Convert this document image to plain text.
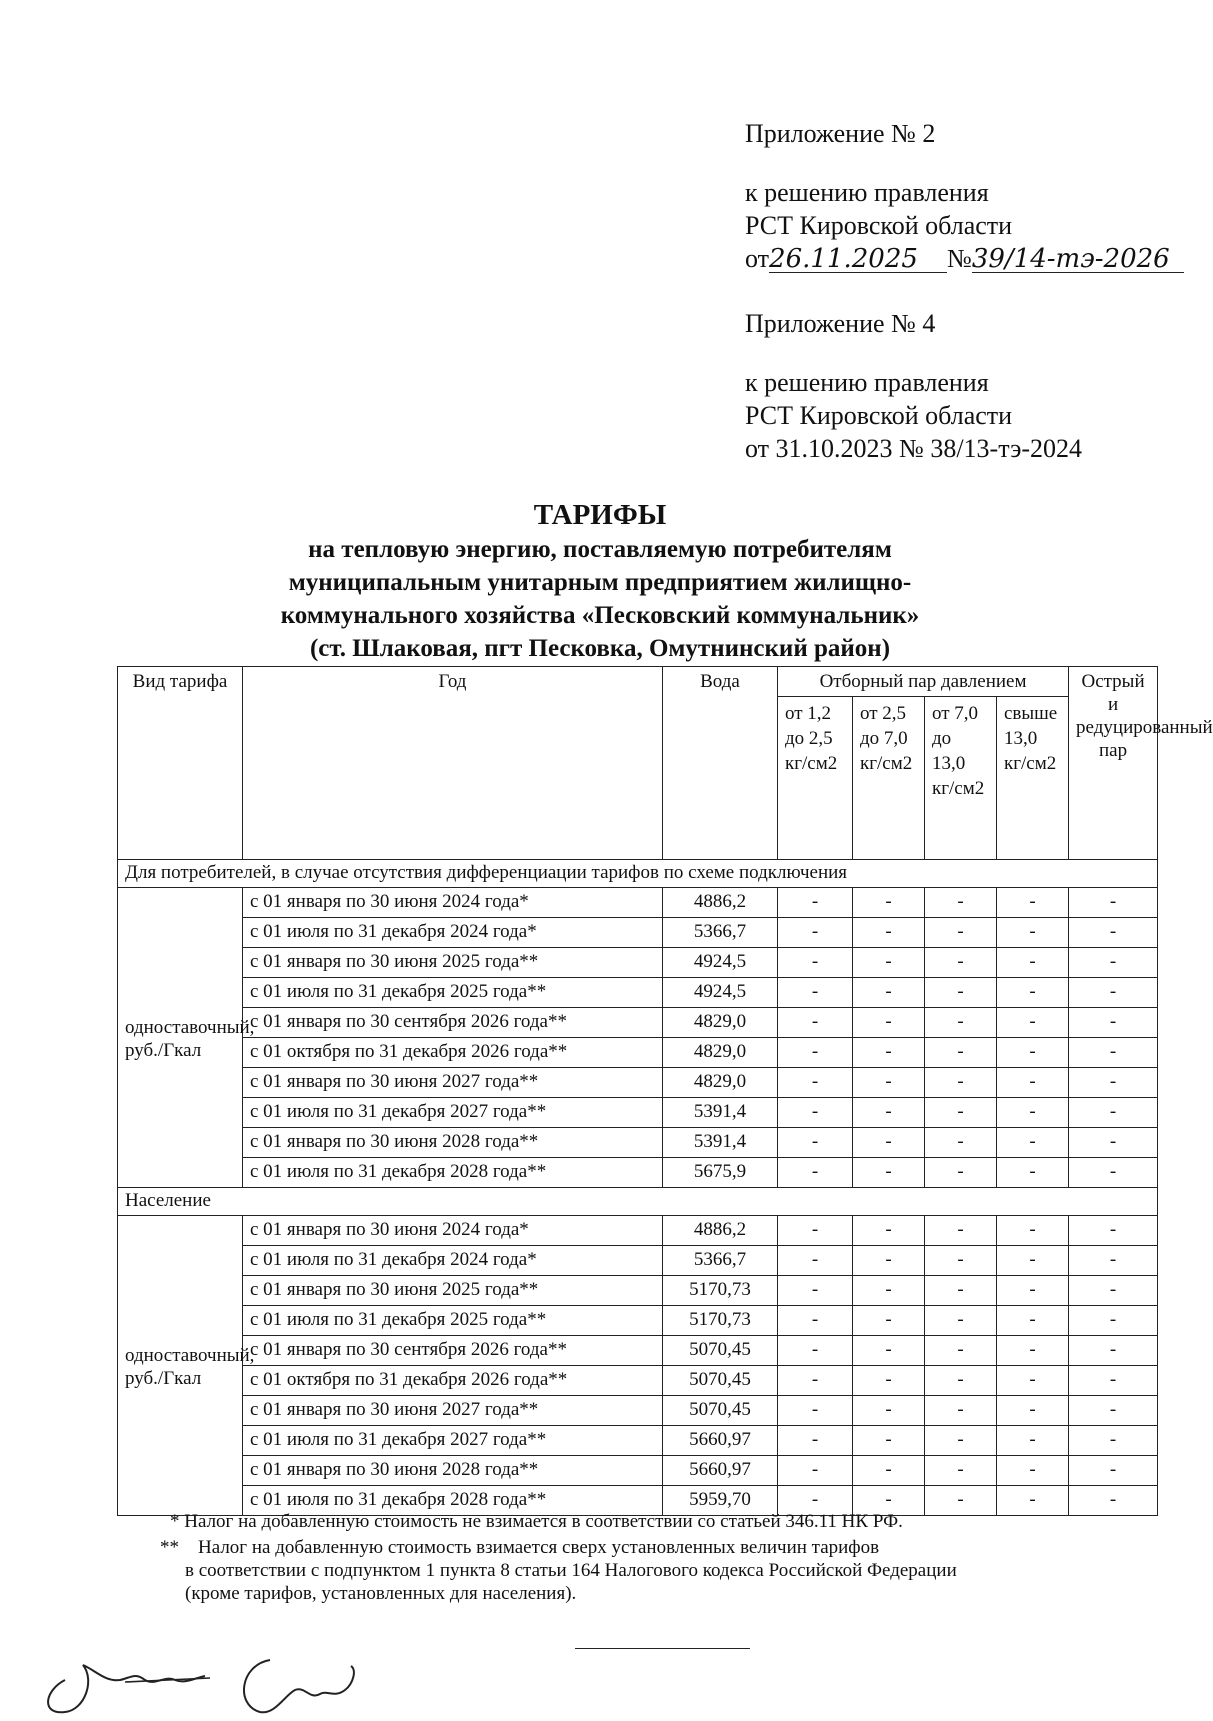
Приложение № 2
к решению правления
РСТ Кировской области
от26.11.2025 №39/14-тэ-2026
Приложение № 4
к решению правления
РСТ Кировской области
от 31.10.2023 № 38/13-тэ-2024
ТАРИФЫ
на тепловую энергию, поставляемую потребителям
муниципальным унитарным предприятием жилищно-
коммунального хозяйства «Песковский коммунальник»
(ст. Шлаковая, пгт Песковка, Омутнинский район)
Вид тарифа	Год	Вода	Отборный пар давлением				Острый и редуцированный пар
			от 1,2 до 2,5 кг/см2	от 2,5 до 7,0 кг/см2	от 7,0 до 13,0 кг/см2	свыше 13,0 кг/см2	
Для потребителей, в случае отсутствия дифференциации тарифов по схеме подключения							
одноставочный, руб./Гкал	с 01 января по 30 июня 2024 года*	4886,2	-	-	-	-	-
	с 01 июля по 31 декабря 2024 года*	5366,7	-	-	-	-	-
	с 01 января по 30 июня 2025 года**	4924,5	-	-	-	-	-
	с 01 июля по 31 декабря 2025 года**	4924,5	-	-	-	-	-
	с 01 января по 30 сентября 2026 года**	4829,0	-	-	-	-	-
	с 01 октября по 31 декабря 2026 года**	4829,0	-	-	-	-	-
	с 01 января по 30 июня 2027 года**	4829,0	-	-	-	-	-
	с 01 июля по 31 декабря 2027 года**	5391,4	-	-	-	-	-
	с 01 января по 30 июня 2028 года**	5391,4	-	-	-	-	-
	с 01 июля по 31 декабря 2028 года**	5675,9	-	-	-	-	-
Население							
одноставочный, руб./Гкал	с 01 января по 30 июня 2024 года*	4886,2	-	-	-	-	-
	с 01 июля по 31 декабря 2024 года*	5366,7	-	-	-	-	-
	с 01 января по 30 июня 2025 года**	5170,73	-	-	-	-	-
	с 01 июля по 31 декабря 2025 года**	5170,73	-	-	-	-	-
	с 01 января по 30 сентября 2026 года**	5070,45	-	-	-	-	-
	с 01 октября по 31 декабря 2026 года**	5070,45	-	-	-	-	-
	с 01 января по 30 июня 2027 года**	5070,45	-	-	-	-	-
	с 01 июля по 31 декабря 2027 года**	5660,97	-	-	-	-	-
	с 01 января по 30 июня 2028 года**	5660,97	-	-	-	-	-
	с 01 июля по 31 декабря 2028 года**	5959,70	-	-	-	-	-
* Налог на добавленную стоимость не взимается в соответствии со статьей 346.11 НК РФ.
** Налог на добавленную стоимость взимается сверх установленных величин тарифов
в соответствии с подпунктом 1 пункта 8 статьи 164 Налогового кодекса Российской Федерации
(кроме тарифов, установленных для населения).
